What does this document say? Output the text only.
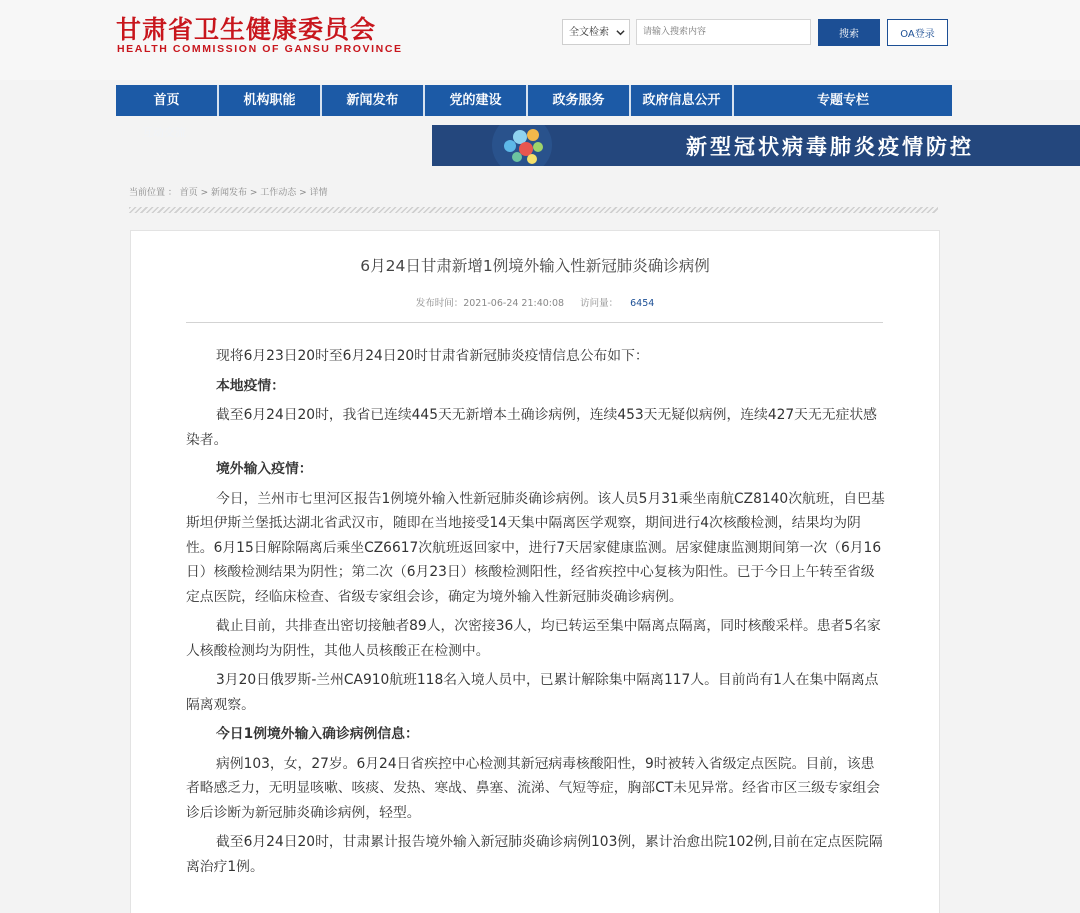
甘肃省卫生健康委员会
HEALTH COMMISSION OF GANSU PROVINCE
全文检索
请输入搜索内容	搜索	OA登录
首页	机构职能	新闻发布	党的建设	政务服务	政府信息公开	专题专栏
互动交流
新型冠状病毒肺炎疫情防控
当前位置 ： 首页 > 新闻发布 > 工作动态 > 详情
6月24日甘肃新增1例境外输入性新冠肺炎确诊病例
发布时间：2021-06-24 21:40:08 访问量： 6454

现将6月23日20时至6月24日20时甘肃省新冠肺炎疫情信息公布如下：

本地疫情：

截至6月24日20时，我省已连续445天无新增本土确诊病例，连续453天无疑似病例，连续427天无无症状感染者。

境外输入疫情：

今日，兰州市七里河区报告1例境外输入性新冠肺炎确诊病例。该人员5月31乘坐南航CZ8140次航班，自巴基斯坦伊斯兰堡抵达湖北省武汉市，随即在当地接受14天集中隔离医学观察，期间进行4次核酸检测，结果均为阴性。6月15日解除隔离后乘坐CZ6617次航班返回家中，进行7天居家健康监测。居家健康监测期间第一次（6月16日）核酸检测结果为阴性；第二次（6月23日）核酸检测阳性，经省疾控中心复核为阳性。已于今日上午转至省级定点医院，经临床检查、省级专家组会诊，确定为境外输入性新冠肺炎确诊病例。

截止目前，共排查出密切接触者89人，次密接36人，均已转运至集中隔离点隔离，同时核酸采样。患者5名家人核酸检测均为阴性，其他人员核酸正在检测中。

3月20日俄罗斯-兰州CA910航班118名入境人员中，已累计解除集中隔离117人。目前尚有1人在集中隔离点隔离观察。

今日1例境外输入确诊病例信息：

病例103，女，27岁。6月24日省疾控中心检测其新冠病毒核酸阳性，9时被转入省级定点医院。目前，该患者略感乏力，无明显咳嗽、咳痰、发热、寒战、鼻塞、流涕、气短等症，胸部CT未见异常。经省市区三级专家组会诊后诊断为新冠肺炎确诊病例，轻型。

截至6月24日20时，甘肃累计报告境外输入新冠肺炎确诊病例103例，累计治愈出院102例,目前在定点医院隔离治疗1例。
